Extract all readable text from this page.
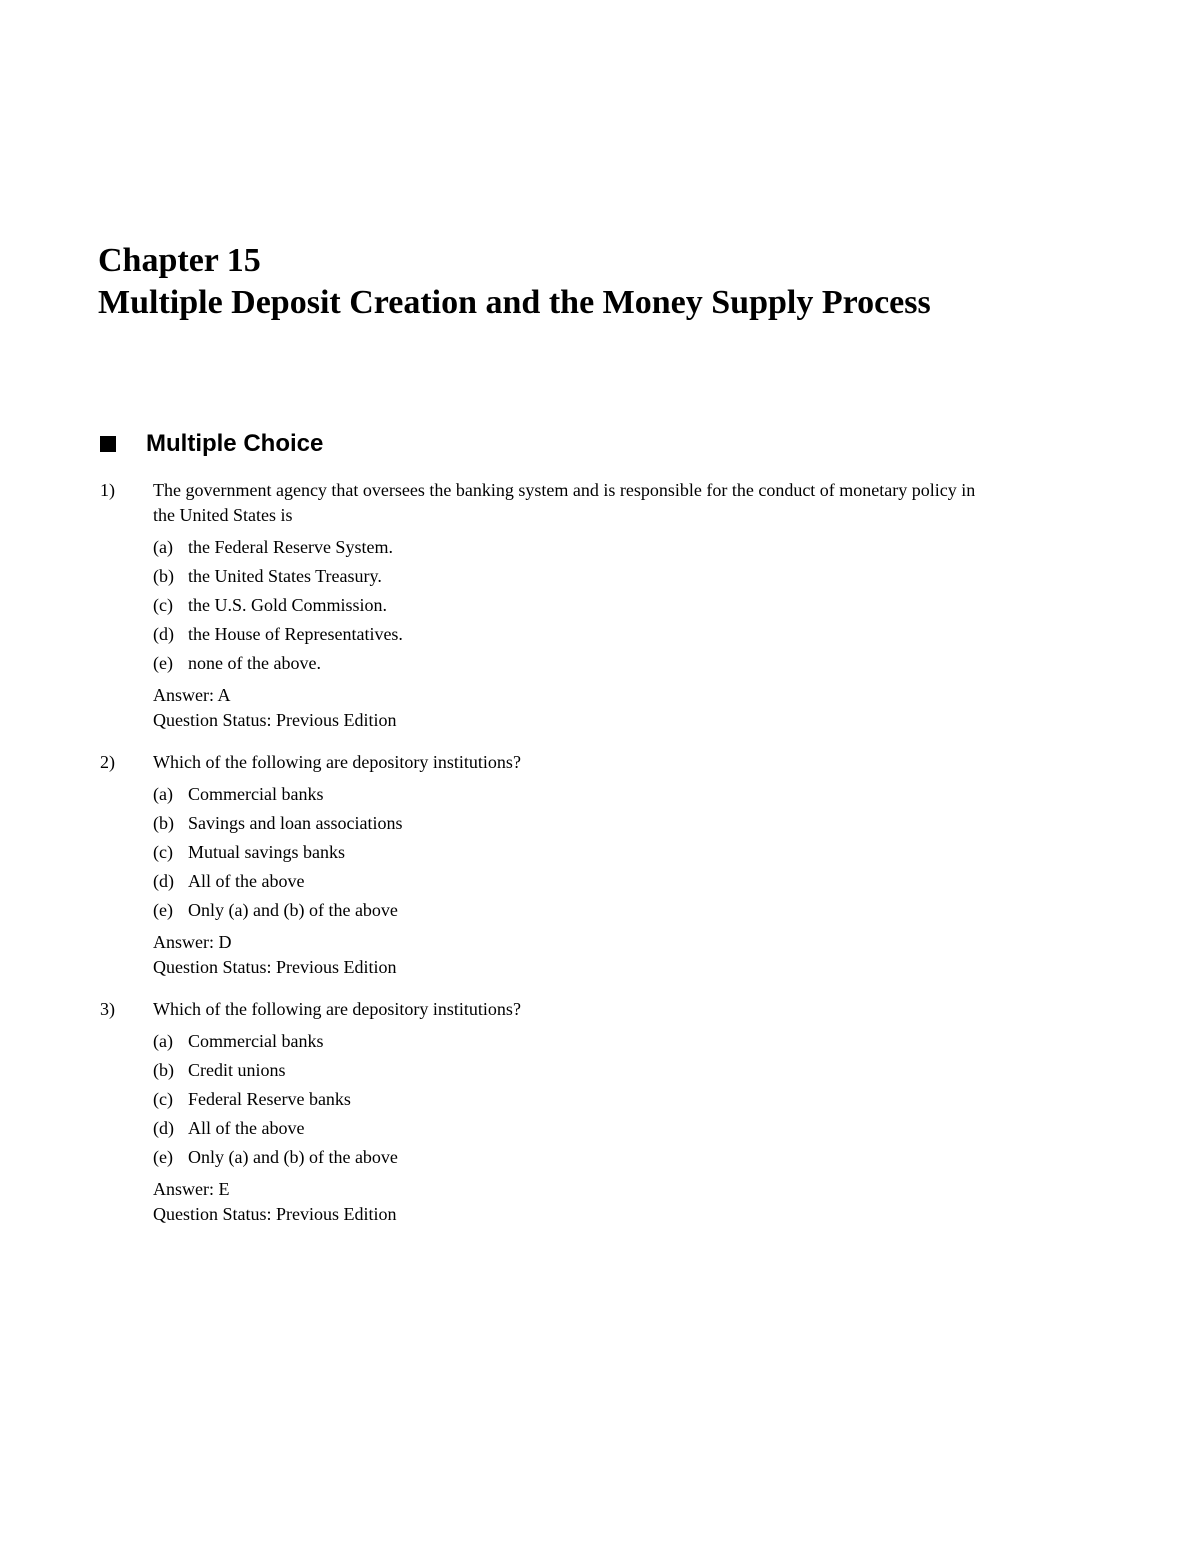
Chapter 15
Multiple Deposit Creation and the Money Supply Process
Multiple Choice
1) The government agency that oversees the banking system and is responsible for the conduct of monetary policy in the United States is
(a) the Federal Reserve System.
(b) the United States Treasury.
(c) the U.S. Gold Commission.
(d) the House of Representatives.
(e) none of the above.
Answer: A
Question Status: Previous Edition
2) Which of the following are depository institutions?
(a) Commercial banks
(b) Savings and loan associations
(c) Mutual savings banks
(d) All of the above
(e) Only (a) and (b) of the above
Answer: D
Question Status: Previous Edition
3) Which of the following are depository institutions?
(a) Commercial banks
(b) Credit unions
(c) Federal Reserve banks
(d) All of the above
(e) Only (a) and (b) of the above
Answer: E
Question Status: Previous Edition
